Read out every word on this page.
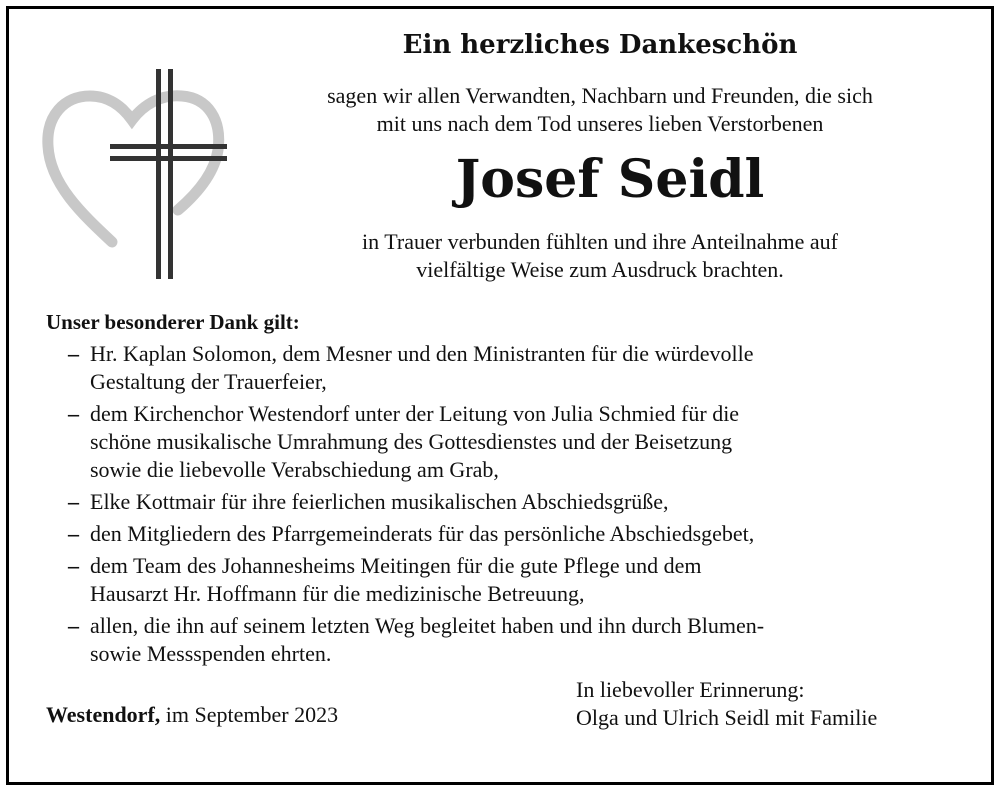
Ein herzliches Dankeschön
sagen wir allen Verwandten, Nachbarn und Freunden, die sich
mit uns nach dem Tod unseres lieben Verstorbenen
Josef Seidl
in Trauer verbunden fühlten und ihre Anteilnahme auf
vielfältige Weise zum Ausdruck brachten.
Unser besonderer Dank gilt:
– Hr. Kaplan Solomon, dem Mesner und den Ministranten für die würdevolle
Gestaltung der Trauerfeier,
– dem Kirchenchor Westendorf unter der Leitung von Julia Schmied für die
schöne musikalische Umrahmung des Gottesdienstes und der Beisetzung
sowie die liebevolle Verabschiedung am Grab,
– Elke Kottmair für ihre feierlichen musikalischen Abschiedsgrüße,
– den Mitgliedern des Pfarrgemeinderats für das persönliche Abschiedsgebet,
– dem Team des Johannesheims Meitingen für die gute Pflege und dem
Hausarzt Hr. Hoffmann für die medizinische Betreuung,
– allen, die ihn auf seinem letzten Weg begleitet haben und ihn durch Blumen-
sowie Messspenden ehrten.
Westendorf, im September 2023
In liebevoller Erinnerung:
Olga und Ulrich Seidl mit Familie
